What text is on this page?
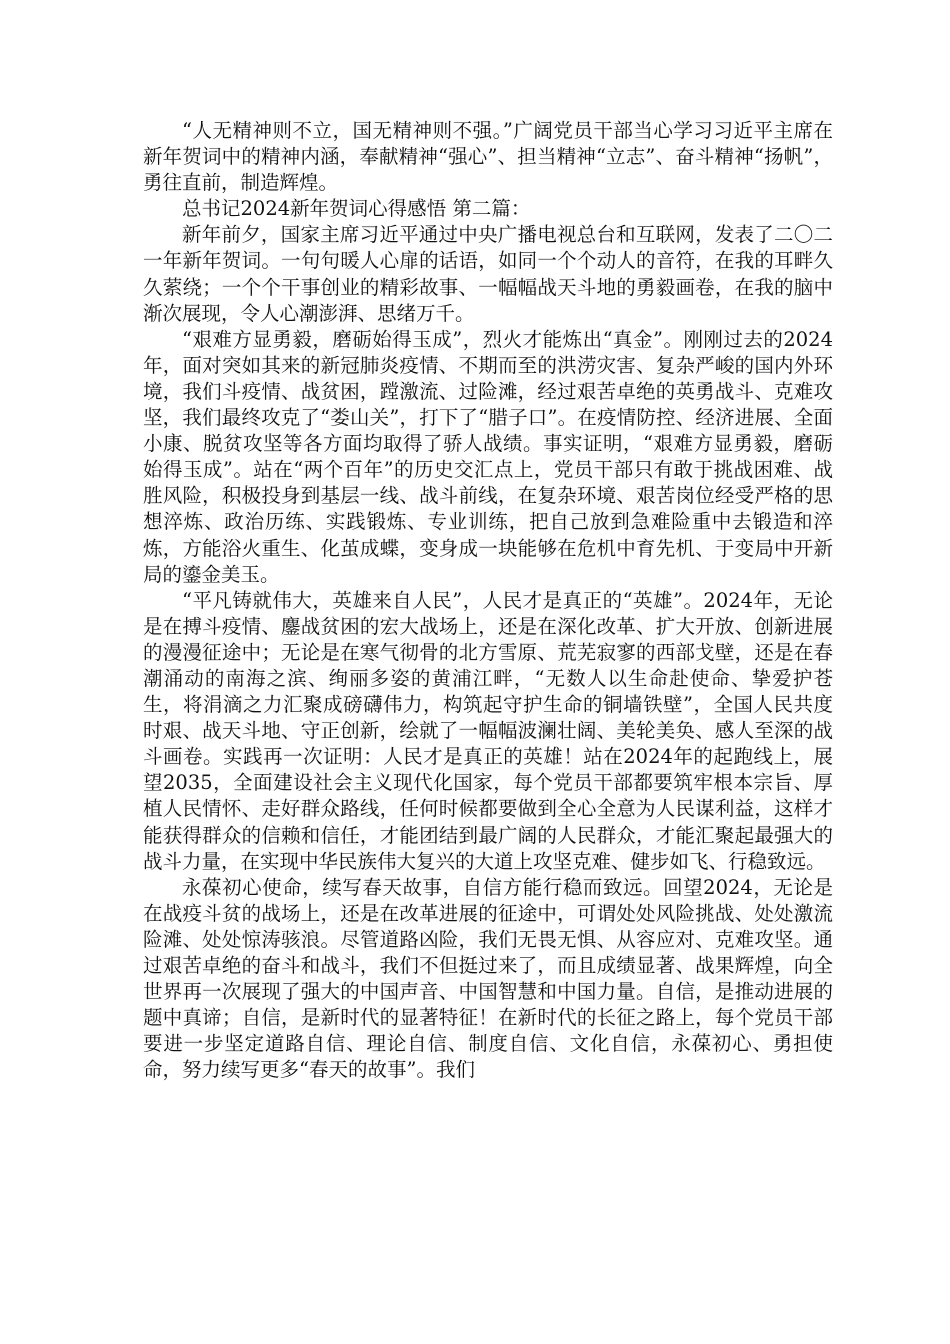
“人无精神则不立，国无精神则不强。”广阔党员干部当心学习习近平主席在新年贺词中的精神内涵，奉献精神“强心”、担当精神“立志”、奋斗精神“扬帆”，勇往直前，制造辉煌。

总书记2024新年贺词心得感悟 第二篇：

新年前夕，国家主席习近平通过中央广播电视总台和互联网，发表了二〇二一年新年贺词。一句句暖人心扉的话语，如同一个个动人的音符，在我的耳畔久久萦绕；一个个干事创业的精彩故事、一幅幅战天斗地的勇毅画卷，在我的脑中渐次展现，令人心潮澎湃、思绪万千。

“艰难方显勇毅，磨砺始得玉成”，烈火才能炼出“真金”。刚刚过去的2024年，面对突如其来的新冠肺炎疫情、不期而至的洪涝灾害、复杂严峻的国内外环境，我们斗疫情、战贫困，蹚激流、过险滩，经过艰苦卓绝的英勇战斗、克难攻坚，我们最终攻克了“娄山关”，打下了“腊子口”。在疫情防控、经济进展、全面小康、脱贫攻坚等各方面均取得了骄人战绩。事实证明，“艰难方显勇毅，磨砺始得玉成”。站在“两个百年”的历史交汇点上，党员干部只有敢于挑战困难、战胜风险，积极投身到基层一线、战斗前线，在复杂环境、艰苦岗位经受严格的思想淬炼、政治历练、实践锻炼、专业训练，把自己放到急难险重中去锻造和淬炼，方能浴火重生、化茧成蝶，变身成一块能够在危机中育先机、于变局中开新局的鎏金美玉。

“平凡铸就伟大，英雄来自人民”，人民才是真正的“英雄”。2024年，无论是在搏斗疫情、鏖战贫困的宏大战场上，还是在深化改革、扩大开放、创新进展的漫漫征途中；无论是在寒气彻骨的北方雪原、荒芜寂寥的西部戈壁，还是在春潮涌动的南海之滨、绚丽多姿的黄浦江畔，“无数人以生命赴使命、挚爱护苍生，将涓滴之力汇聚成磅礴伟力，构筑起守护生命的铜墙铁壁”，全国人民共度时艰、战天斗地、守正创新，绘就了一幅幅波澜壮阔、美轮美奂、感人至深的战斗画卷。实践再一次证明：人民才是真正的英雄！站在2024年的起跑线上，展望2035，全面建设社会主义现代化国家，每个党员干部都要筑牢根本宗旨、厚植人民情怀、走好群众路线，任何时候都要做到全心全意为人民谋利益，这样才能获得群众的信赖和信任，才能团结到最广阔的人民群众，才能汇聚起最强大的战斗力量，在实现中华民族伟大复兴的大道上攻坚克难、健步如飞、行稳致远。

永葆初心使命，续写春天故事，自信方能行稳而致远。回望2024，无论是在战疫斗贫的战场上，还是在改革进展的征途中，可谓处处风险挑战、处处激流险滩、处处惊涛骇浪。尽管道路凶险，我们无畏无惧、从容应对、克难攻坚。通过艰苦卓绝的奋斗和战斗，我们不但挺过来了，而且成绩显著、战果辉煌，向全世界再一次展现了强大的中国声音、中国智慧和中国力量。自信，是推动进展的题中真谛；自信，是新时代的显著特征！在新时代的长征之路上，每个党员干部要进一步坚定道路自信、理论自信、制度自信、文化自信，永葆初心、勇担使命，努力续写更多“春天的故事”。我们
